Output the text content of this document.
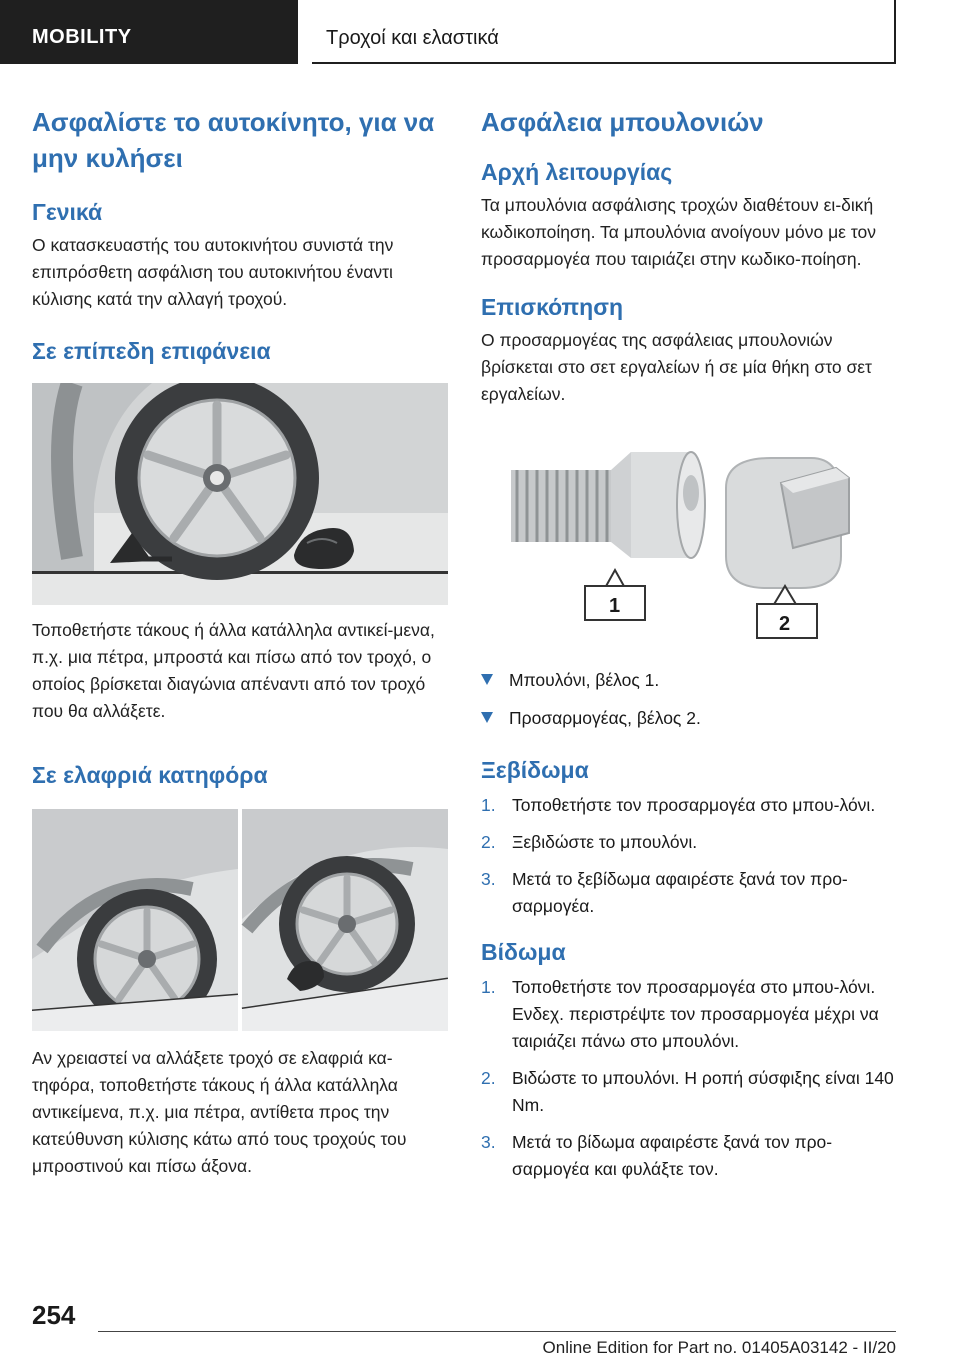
MOBILITY	Τροχοί και ελαστικά
Ασφαλίστε το αυτοκίνητο, για να μην κυλήσει
Γενικά

Ο κατασκευαστής του αυτοκινήτου συνιστά την επιπρόσθετη ασφάλιση του αυτοκινήτου έναντι κύλισης κατά την αλλαγή τροχού.

Σε επίπεδη επιφάνεια

Τοποθετήστε τάκους ή άλλα κατάλληλα αντικεί-μενα, π.χ. μια πέτρα, μπροστά και πίσω από τον τροχό, ο οποίος βρίσκεται διαγώνια απέναντι από τον τροχό που θα αλλάξετε.

Σε ελαφριά κατηφόρα

Αν χρειαστεί να αλλάξετε τροχό σε ελαφριά κα-τηφόρα, τοποθετήστε τάκους ή άλλα κατάλληλα αντικείμενα, π.χ. μια πέτρα, αντίθετα προς την κατεύθυνση κύλισης κάτω από τους τροχούς του μπροστινού και πίσω άξονα.

Ασφάλεια μπουλονιών
Αρχή λειτουργίας

Τα μπουλόνια ασφάλισης τροχών διαθέτουν ει-δική κωδικοποίηση. Τα μπουλόνια ανοίγουν μόνο με τον προσαρμογέα που ταιριάζει στην κωδικο-ποίηση.

Επισκόπηση

Ο προσαρμογέας της ασφάλειας μπουλονιών βρίσκεται στο σετ εργαλείων ή σε μία θήκη στο σετ εργαλείων.

1
2
Μπουλόνι, βέλος 1.
Προσαρμογέας, βέλος 2.
Ξεβίδωμα
1. Τοποθετήστε τον προσαρμογέα στο μπου-λόνι.
2. Ξεβιδώστε το μπουλόνι.
3. Μετά το ξεβίδωμα αφαιρέστε ξανά τον προ-σαρμογέα.
Βίδωμα
1. Τοποθετήστε τον προσαρμογέα στο μπου-λόνι. Ενδεχ. περιστρέψτε τον προσαρμογέα μέχρι να ταιριάζει πάνω στο μπουλόνι.
2. Βιδώστε το μπουλόνι. Η ροπή σύσφιξης είναι 140 Nm.
3. Μετά το βίδωμα αφαιρέστε ξανά τον προ-σαρμογέα και φυλάξτε τον.
254
Online Edition for Part no. 01405A03142 - II/20
